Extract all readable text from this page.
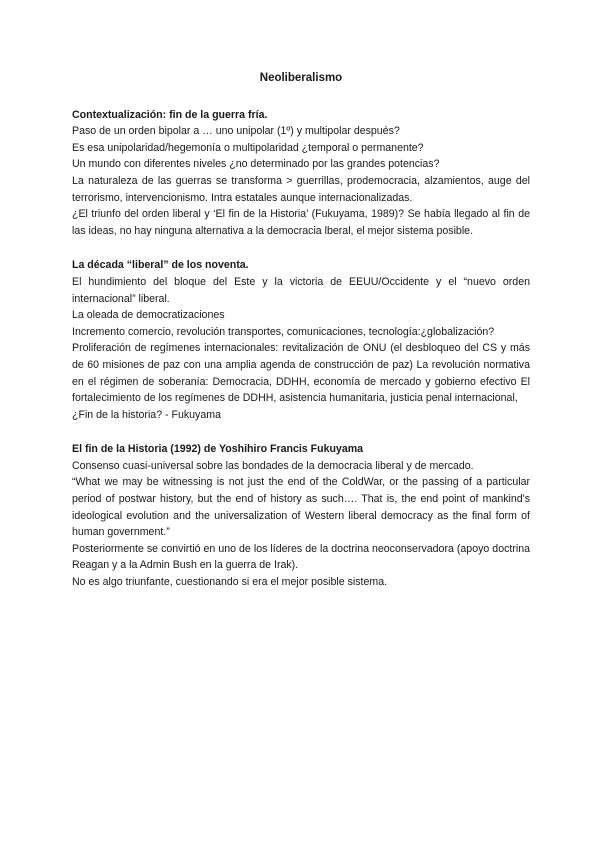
Neoliberalismo

Contextualización: fin de la guerra fría.

Paso de un orden bipolar a … uno unipolar (1º) y multipolar después?

Es esa unipolaridad/hegemonía o multipolaridad ¿temporal o permanente?

Un mundo con diferentes niveles ¿no determinado por las grandes potencias?

La naturaleza de las guerras se transforma > guerrillas, prodemocracia, alzamientos, auge del terrorismo, intervencionismo. Intra estatales aunque internacionalizadas.

¿El triunfo del orden liberal y ‘El fin de la Historia’ (Fukuyama, 1989)? Se había llegado al fin de las ideas, no hay ninguna alternativa a la democracia lberal, el mejor sistema posible.

La década “liberal” de los noventa.

El hundimiento del bloque del Este y la victoria de EEUU/Occidente y el “nuevo orden internacional” liberal.

La oleada de democratizaciones

Incremento comercio, revolución transportes, comunicaciones, tecnología:¿globalización?

Proliferación de regímenes internacionales: revitalización de ONU (el desbloqueo del CS y más de 60 misiones de paz con una amplia agenda de construcción de paz) La revolución normativa en el régimen de soberanía: Democracia, DDHH, economía de mercado y gobierno efectivo El fortalecimiento de los regímenes de DDHH, asistencia humanitaria, justicia penal internacional,

¿Fin de la historia? - Fukuyama

El fin de la Historia (1992) de Yoshihiro Francis Fukuyama

Consenso cuasi-universal sobre las bondades de la democracia liberal y de mercado.

“What we may be witnessing is not just the end of the ColdWar, or the passing of a particular period of postwar history, but the end of history as such…. That is, the end point of mankind's ideological evolution and the universalization of Western liberal democracy as the final form of human government.”

Posteriormente se convirtió en uno de los líderes de la doctrina neoconservadora (apoyo doctrina Reagan y a la Admin Bush en la guerra de Irak).

No es algo triunfante, cuestionando si era el mejor posible sistema.
